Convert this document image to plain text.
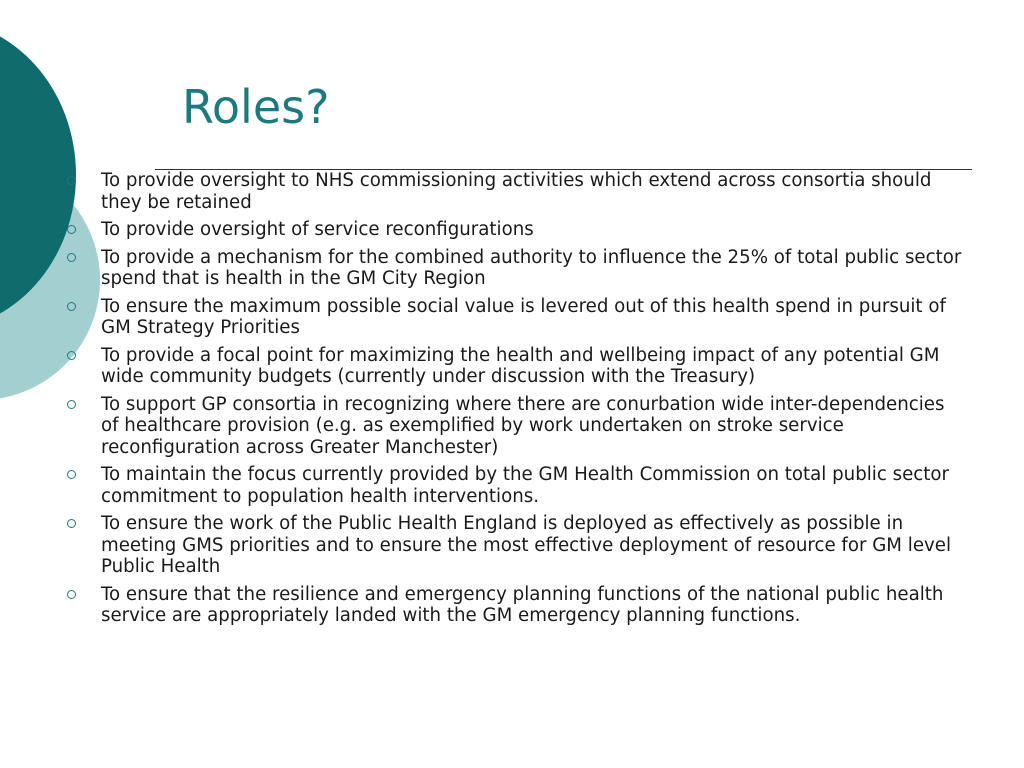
Roles?
To provide oversight to NHS commissioning activities which extend across consortia should they be retained
To provide oversight of service reconfigurations
To provide a mechanism for the combined authority to influence the 25% of total public sector spend that is health in the GM City Region
To ensure the maximum possible social value is levered out of this health spend in pursuit of GM Strategy Priorities
To provide a focal point for maximizing the health and wellbeing impact of any potential GM wide community budgets (currently under discussion with the Treasury)
To support GP consortia in recognizing where there are conurbation wide inter-dependencies of healthcare provision (e.g. as exemplified by work undertaken on stroke service reconfiguration across Greater Manchester)
To maintain the focus currently provided by the GM Health Commission on total public sector commitment to population health interventions.
To ensure the work of the Public Health England is deployed as effectively as possible in meeting GMS priorities and to ensure the most effective deployment of resource for GM level Public Health
To ensure that the resilience and emergency planning functions of the national public health service are appropriately landed with the GM emergency planning functions.
